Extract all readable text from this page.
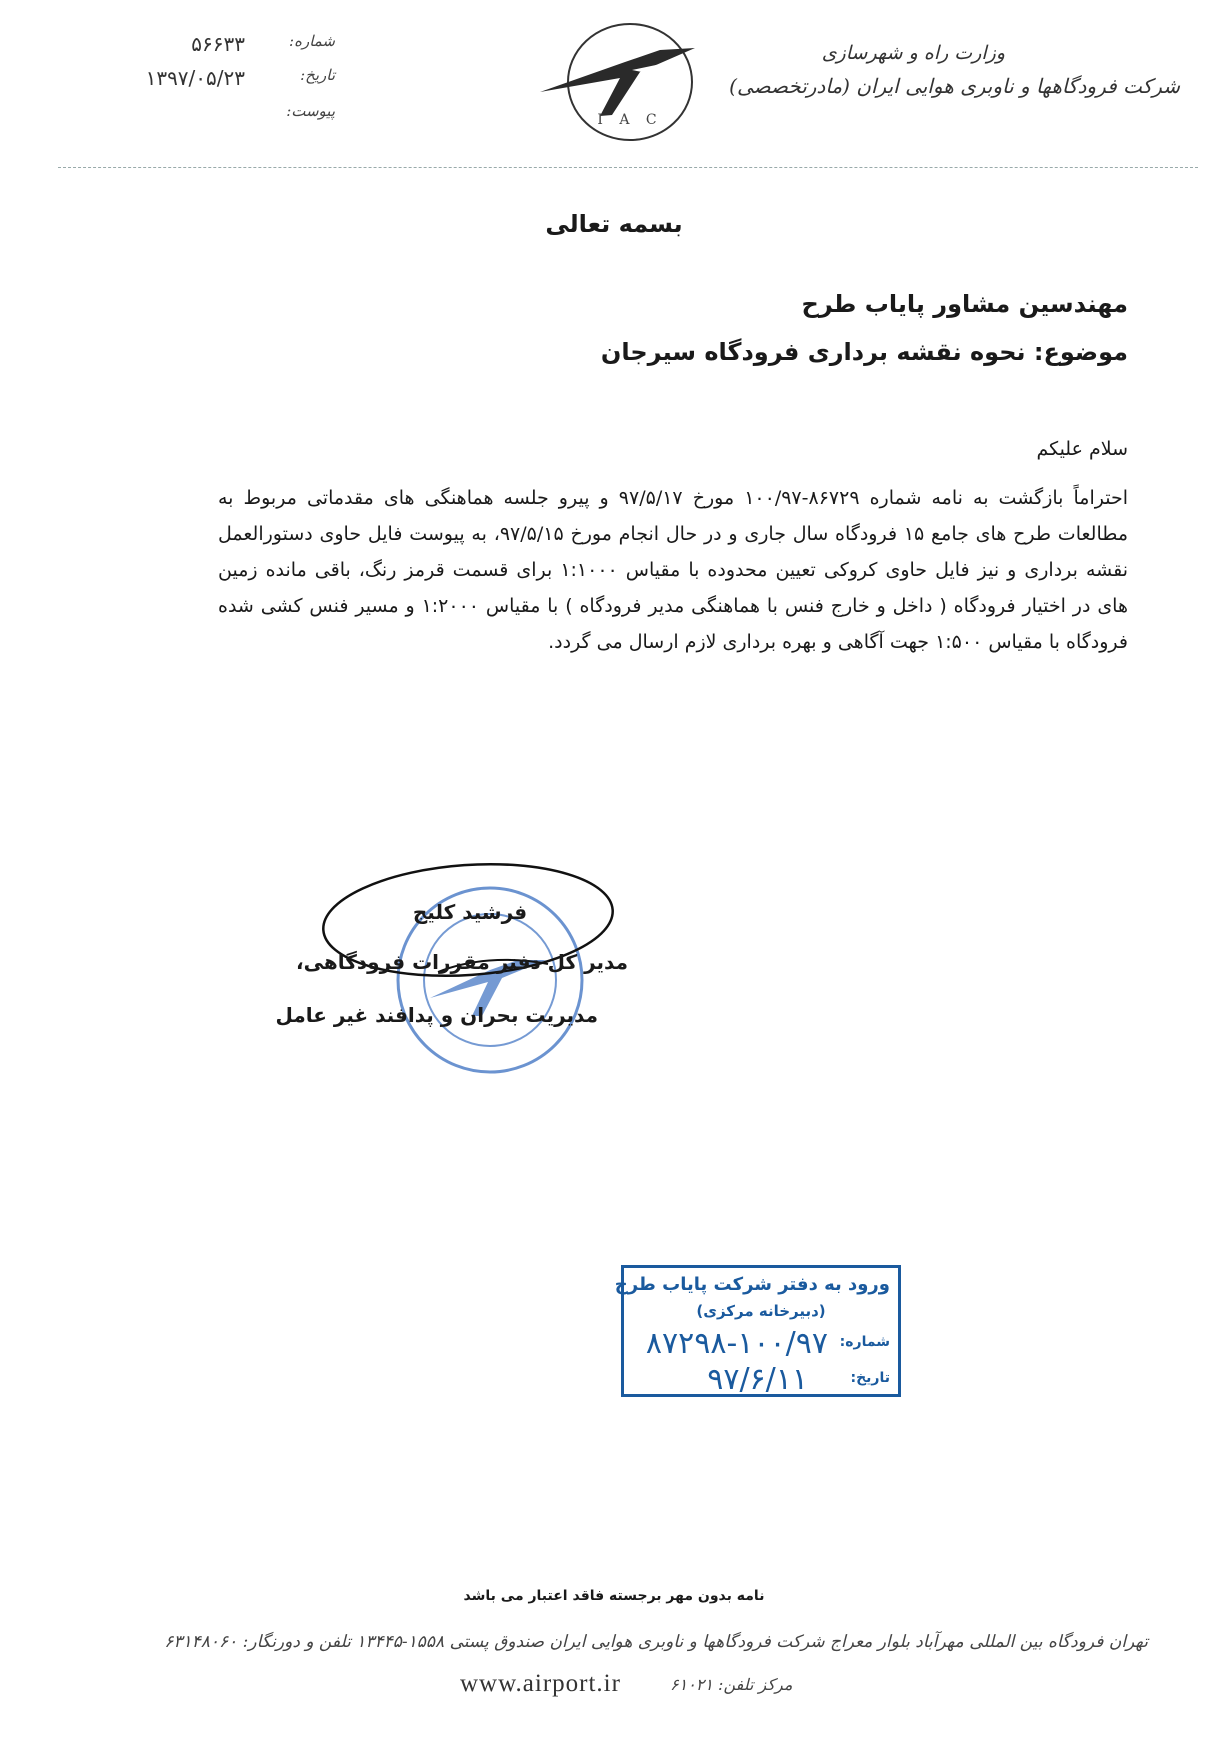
وزارت راه و شهرسازی
شرکت فرودگاهها و ناوبری هوایی ایران (مادرتخصصی)
I A C
شماره:
۵۶۶۳۳
تاریخ:
۱۳۹۷/۰۵/۲۳
پیوست:
بسمه تعالی
مهندسین مشاور پایاب طرح
موضوع: نحوه نقشه برداری فرودگاه سیرجان
سلام علیکم
احتراماً بازگشت به نامه شماره ۸۶۷۲۹-۱۰۰/۹۷ مورخ ۹۷/۵/۱۷ و پیرو جلسه هماهنگی های مقدماتی مربوط به مطالعات طرح های جامع ۱۵ فرودگاه سال جاری و در حال انجام مورخ ۹۷/۵/۱۵، به پیوست فایل حاوی دستورالعمل نقشه برداری و نیز فایل حاوی کروکی تعیین محدوده با مقیاس ۱:۱۰۰۰ برای قسمت قرمز رنگ، باقی مانده زمین های در اختیار فرودگاه ( داخل و خارج فنس با هماهنگی مدیر فرودگاه ) با مقیاس ۱:۲۰۰۰ و مسیر فنس کشی شده فرودگاه با مقیاس ۱:۵۰۰ جهت آگاهی و بهره برداری لازم ارسال می گردد.
فرشید کلیج
مدیر کل دفتر مقررات فرودگاهی،
مدیریت بحران و پدافند غیر عامل
ورود به دفتر شرکت پایاب طرح
(دبیرخانه مرکزی)
شماره:
۸۷۲۹۸-۱۰۰/۹۷
تاریخ:
۹۷/۶/۱۱
نامه بدون مهر برجسته فاقد اعتبار می باشد
تهران فرودگاه بین المللی مهرآباد بلوار معراج شرکت فرودگاهها و ناوبری هوایی ایران صندوق پستی ۱۵۵۸-۱۳۴۴۵ تلفن و دورنگار: ۶۳۱۴۸۰۶۰
www.airport.ir	مرکز تلفن: ۶۱۰۲۱
